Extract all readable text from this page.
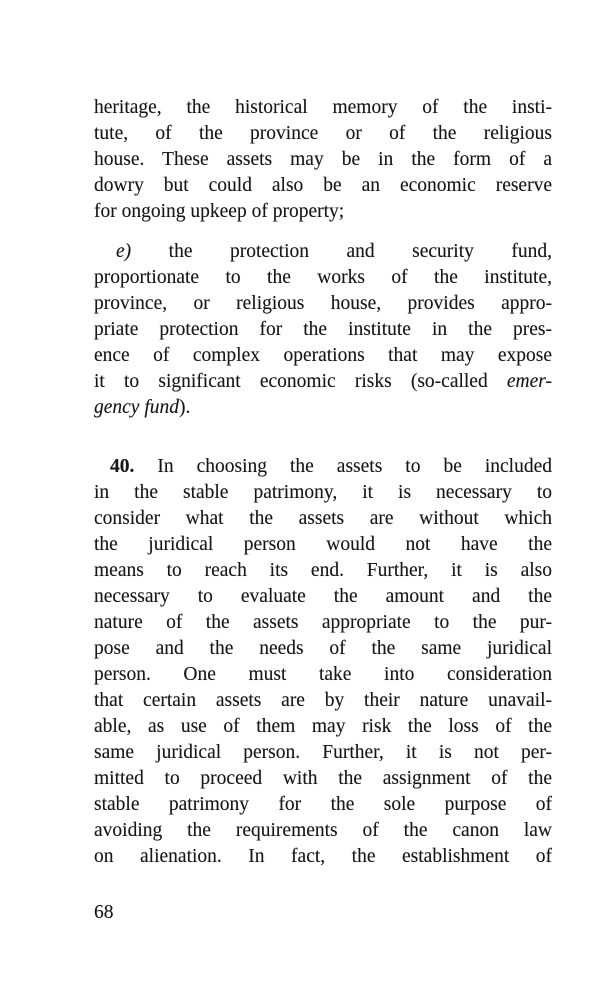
heritage, the historical memory of the insti-
tute, of the province or of the religious
house. These assets may be in the form of a
dowry but could also be an economic reserve
for ongoing upkeep of property;
e) the protection and security fund,
proportionate to the works of the institute,
province, or religious house, provides appro-
priate protection for the institute in the pres-
ence of complex operations that may expose
it to significant economic risks (so-called emer-
gency fund).
40. In choosing the assets to be included
in the stable patrimony, it is necessary to
consider what the assets are without which
the juridical person would not have the
means to reach its end. Further, it is also
necessary to evaluate the amount and the
nature of the assets appropriate to the pur-
pose and the needs of the same juridical
person. One must take into consideration
that certain assets are by their nature unavail-
able, as use of them may risk the loss of the
same juridical person. Further, it is not per-
mitted to proceed with the assignment of the
stable patrimony for the sole purpose of
avoiding the requirements of the canon law
on alienation. In fact, the establishment of
68
